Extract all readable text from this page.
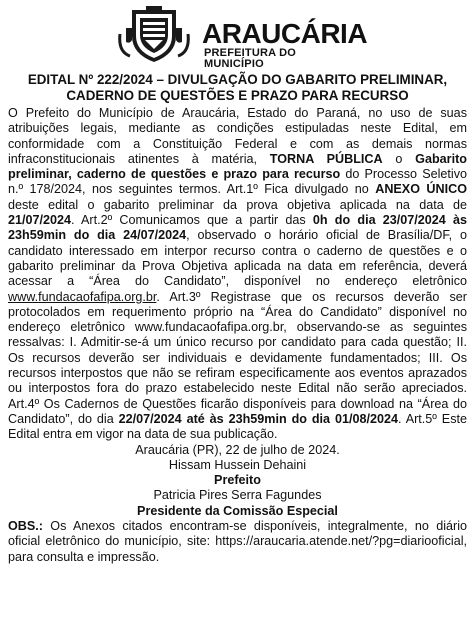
ARAUCÁRIA
PREFEITURA DO MUNICÍPIO
EDITAL Nº 222/2024 – DIVULGAÇÃO DO GABARITO PRELIMINAR,
CADERNO DE QUESTÕES E PRAZO PARA RECURSO

O Prefeito do Município de Araucária, Estado do Paraná, no uso de suas atribuições legais, mediante as condições estipuladas neste Edital, em conformidade com a Constituição Federal e com as demais normas infraconstitucionais atinentes à matéria, TORNA PÚBLICA o Gabarito preliminar, caderno de questões e prazo para recurso do Processo Seletivo n.º 178/2024, nos seguintes termos. Art.1º Fica divulgado no ANEXO ÚNICO deste edital o gabarito preliminar da prova objetiva aplicada na data de 21/07/2024. Art.2º Comunicamos que a partir das 0h do dia 23/07/2024 às 23h59min do dia 24/07/2024, observado o horário oficial de Brasília/DF, o candidato interessado em interpor recurso contra o caderno de questões e o gabarito preliminar da Prova Objetiva aplicada na data em referência, deverá acessar a “Área do Candidato”, disponível no endereço eletrônico www.fundacaofafipa.org.br. Art.3º Registrase que os recursos deverão ser protocolados em requerimento próprio na “Área do Candidato” disponível no endereço eletrônico www.fundacaofafipa.org.br, observando-se as seguintes ressalvas: I. Admitir-se-á um único recurso por candidato para cada questão; II. Os recursos deverão ser individuais e devidamente fundamentados; III. Os recursos interpostos que não se refiram especificamente aos eventos aprazados ou interpostos fora do prazo estabelecido neste Edital não serão apreciados. Art.4º Os Cadernos de Questões ficarão disponíveis para download na “Área do Candidato”, do dia 22/07/2024 até às 23h59min do dia 01/08/2024. Art.5º Este Edital entra em vigor na data de sua publicação.

Araucária (PR), 22 de julho de 2024.

Hissam Hussein Dehaini

Prefeito

Patricia Pires Serra Fagundes

Presidente da Comissão Especial

OBS.: Os Anexos citados encontram-se disponíveis, integralmente, no diário oficial eletrônico do município, site: https://araucaria.atende.net/?pg=diariooficial, para consulta e impressão.
